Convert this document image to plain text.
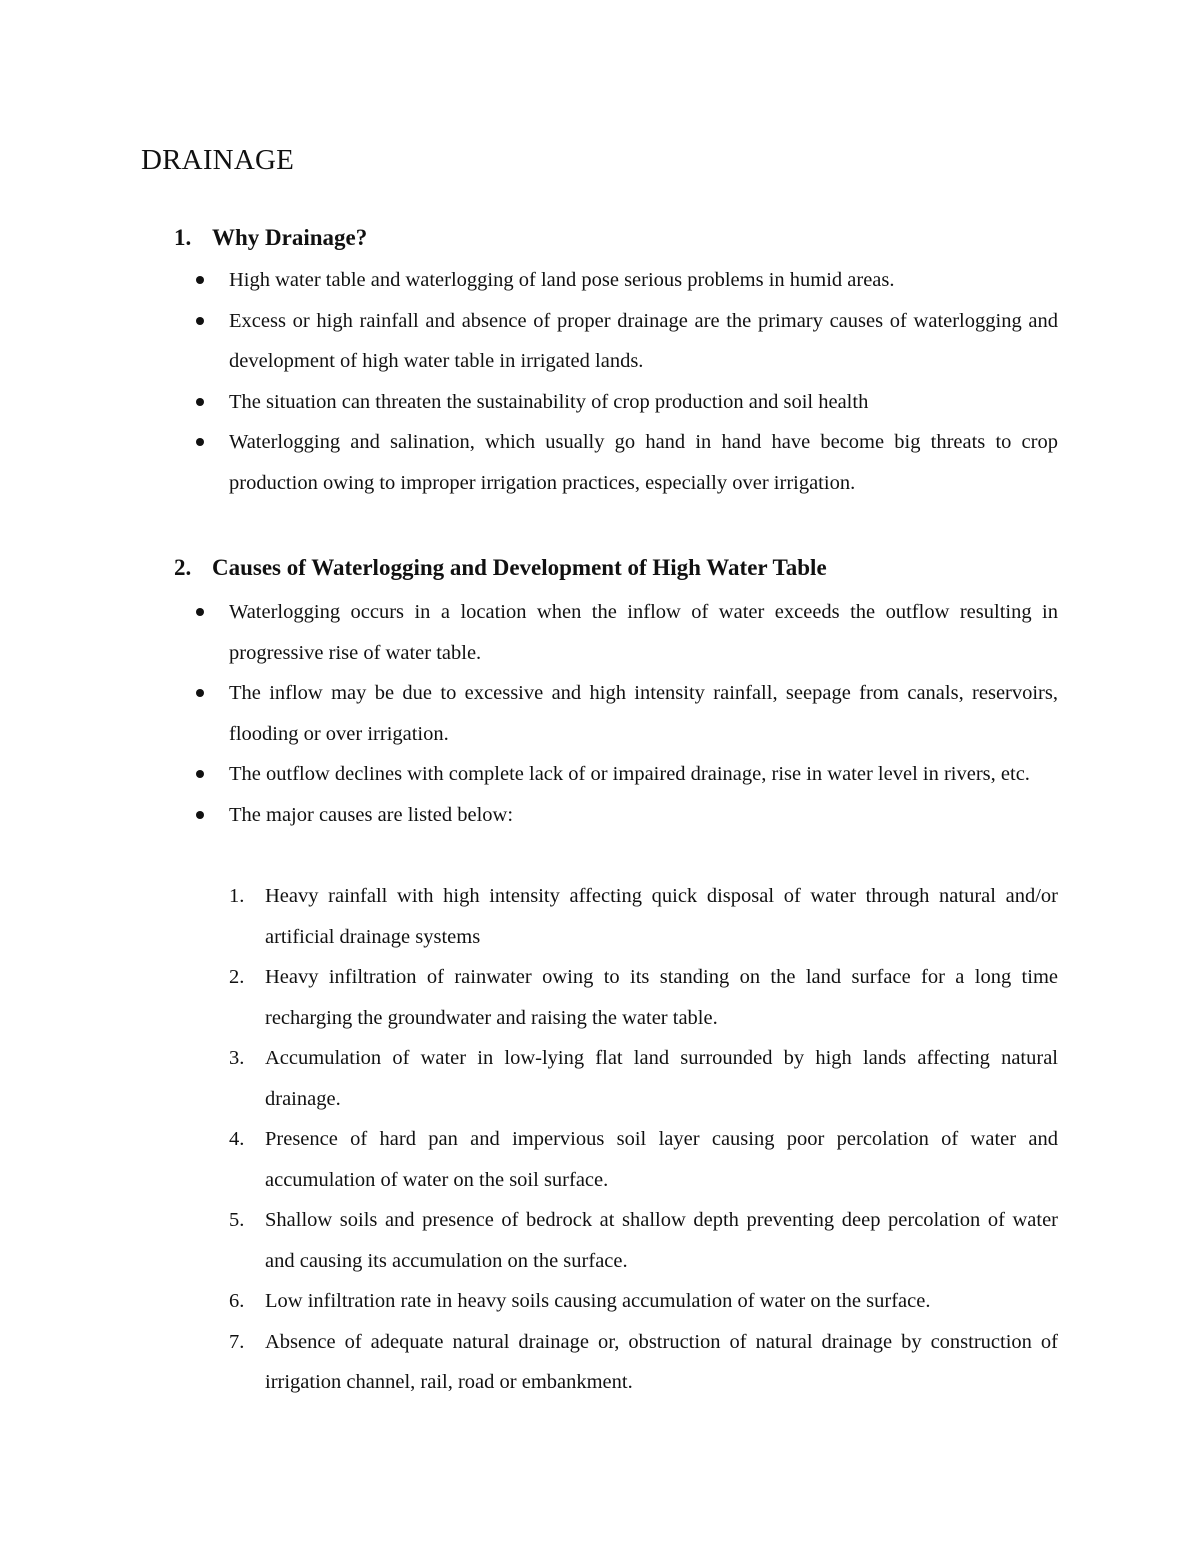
DRAINAGE
1. Why Drainage?
High water table and waterlogging of land pose serious problems in humid areas.
Excess or high rainfall and absence of proper drainage are the primary causes of waterlogging and development of high water table in irrigated lands.
The situation can threaten the sustainability of crop production and soil health
Waterlogging and salination, which usually go hand in hand have become big threats to crop production owing to improper irrigation practices, especially over irrigation.
2. Causes of Waterlogging and Development of High Water Table
Waterlogging occurs in a location when the inflow of water exceeds the outflow resulting in progressive rise of water table.
The inflow may be due to excessive and high intensity rainfall, seepage from canals, reservoirs, flooding or over irrigation.
The outflow declines with complete lack of or impaired drainage, rise in water level in rivers, etc.
The major causes are listed below:
1. Heavy rainfall with high intensity affecting quick disposal of water through natural and/or artificial drainage systems
2. Heavy infiltration of rainwater owing to its standing on the land surface for a long time recharging the groundwater and raising the water table.
3. Accumulation of water in low-lying flat land surrounded by high lands affecting natural drainage.
4. Presence of hard pan and impervious soil layer causing poor percolation of water and accumulation of water on the soil surface.
5. Shallow soils and presence of bedrock at shallow depth preventing deep percolation of water and causing its accumulation on the surface.
6. Low infiltration rate in heavy soils causing accumulation of water on the surface.
7. Absence of adequate natural drainage or, obstruction of natural drainage by construction of irrigation channel, rail, road or embankment.
